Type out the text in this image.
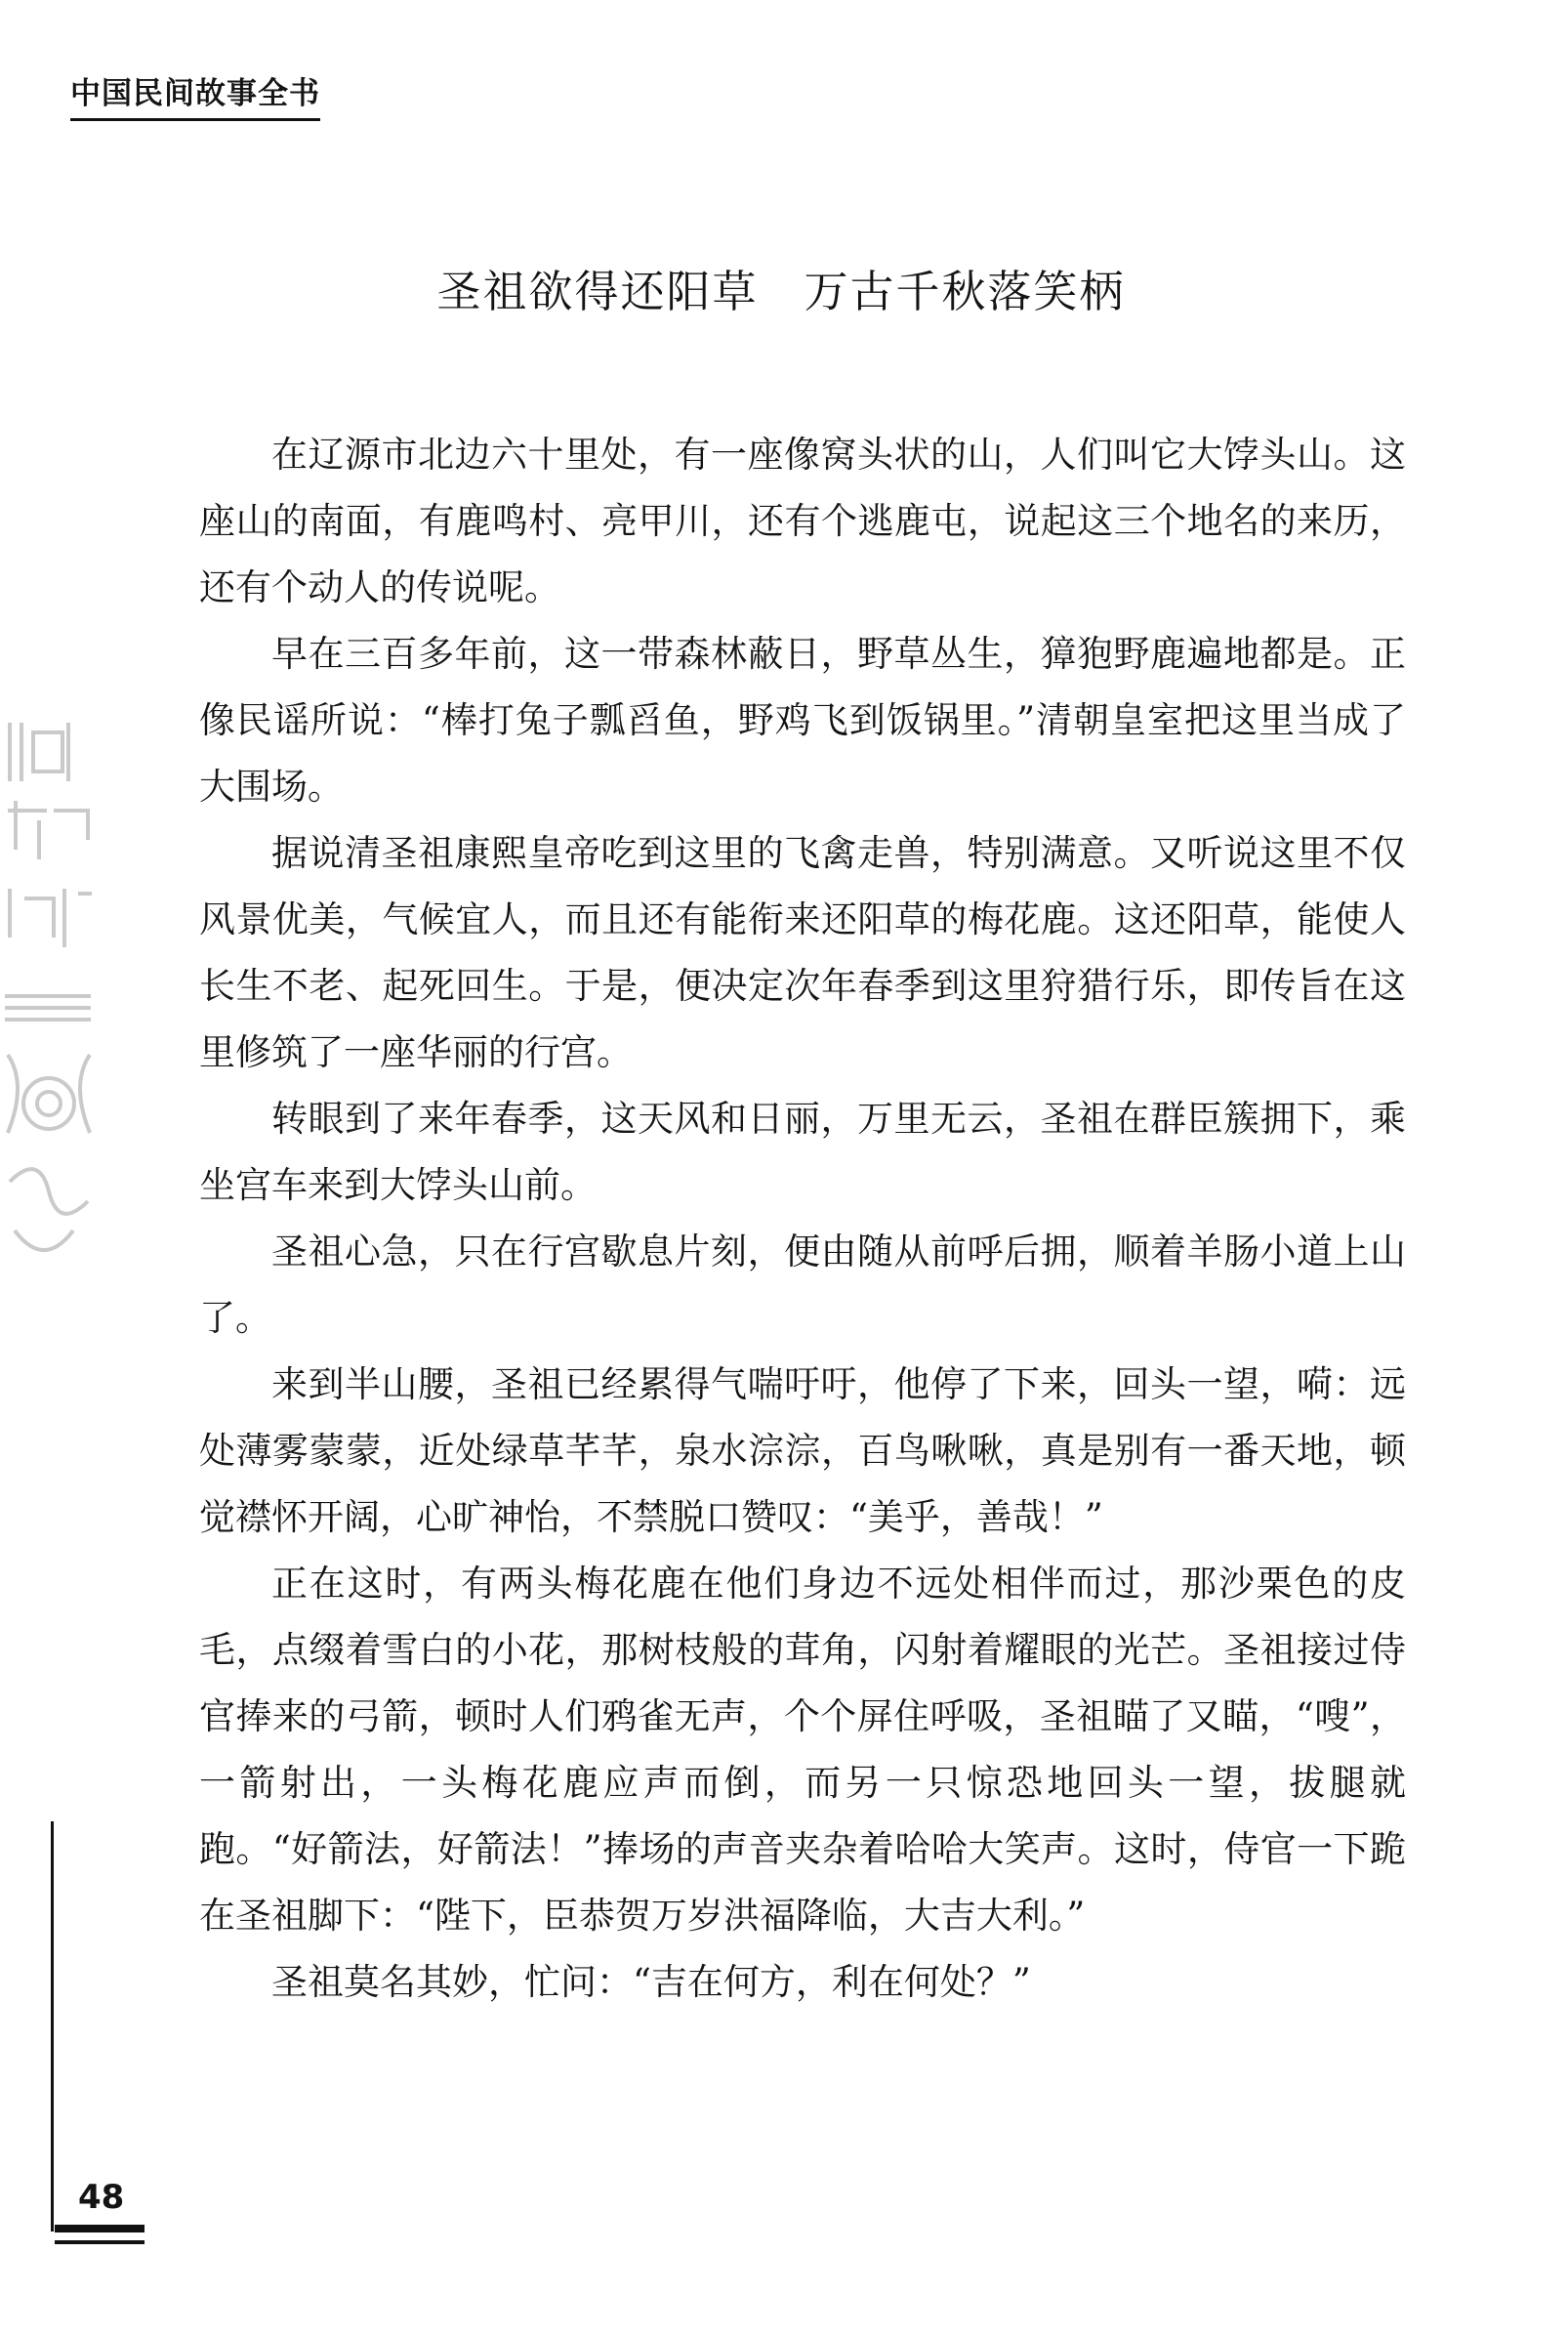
中国民间故事全书
圣祖欲得还阳草　万古千秋落笑柄

在辽源市北边六十里处，有一座像窝头状的山，人们叫它大饽头山。这座山的南面，有鹿鸣村、亮甲川，还有个逃鹿屯，说起这三个地名的来历，还有个动人的传说呢。

早在三百多年前，这一带森林蔽日，野草丛生，獐狍野鹿遍地都是。正像民谣所说：“棒打兔子瓢舀鱼，野鸡飞到饭锅里。”清朝皇室把这里当成了大围场。

据说清圣祖康熙皇帝吃到这里的飞禽走兽，特别满意。又听说这里不仅风景优美，气候宜人，而且还有能衔来还阳草的梅花鹿。这还阳草，能使人长生不老、起死回生。于是，便决定次年春季到这里狩猎行乐，即传旨在这里修筑了一座华丽的行宫。

转眼到了来年春季，这天风和日丽，万里无云，圣祖在群臣簇拥下，乘坐宫车来到大饽头山前。

圣祖心急，只在行宫歇息片刻，便由随从前呼后拥，顺着羊肠小道上山了。

来到半山腰，圣祖已经累得气喘吁吁，他停了下来，回头一望，嗬：远处薄雾蒙蒙，近处绿草芊芊，泉水淙淙，百鸟啾啾，真是别有一番天地，顿觉襟怀开阔，心旷神怡，不禁脱口赞叹：“美乎，善哉！”

正在这时，有两头梅花鹿在他们身边不远处相伴而过，那沙栗色的皮毛，点缀着雪白的小花，那树枝般的茸角，闪射着耀眼的光芒。圣祖接过侍官捧来的弓箭，顿时人们鸦雀无声，个个屏住呼吸，圣祖瞄了又瞄，“嗖”，一箭射出，一头梅花鹿应声而倒，而另一只惊恐地回头一望，拔腿就跑。“好箭法，好箭法！”捧场的声音夹杂着哈哈大笑声。这时，侍官一下跪在圣祖脚下：“陛下，臣恭贺万岁洪福降临，大吉大利。”

圣祖莫名其妙，忙问：“吉在何方，利在何处？”

48
